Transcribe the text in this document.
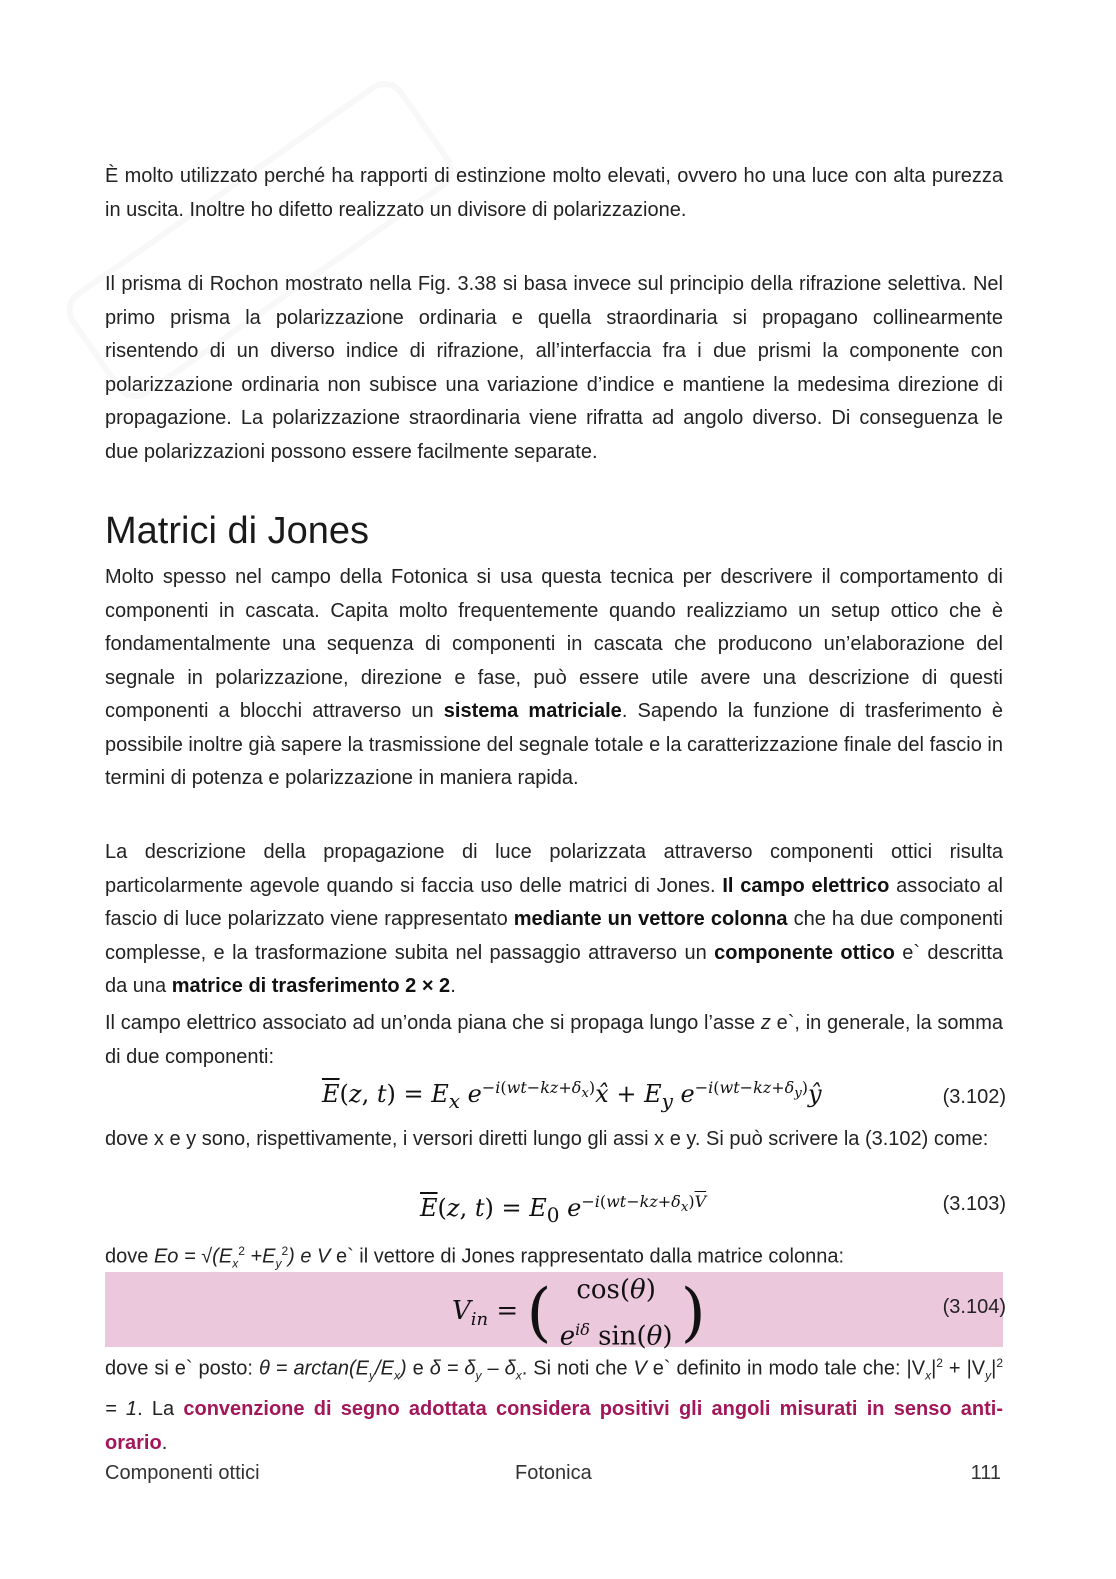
È molto utilizzato perché ha rapporti di estinzione molto elevati, ovvero ho una luce con alta purezza in uscita. Inoltre ho difetto realizzato un divisore di polarizzazione.

Il prisma di Rochon mostrato nella Fig. 3.38 si basa invece sul principio della rifrazione selettiva. Nel primo prisma la polarizzazione ordinaria e quella straordinaria si propagano collinearmente risentendo di un diverso indice di rifrazione, all’interfaccia fra i due prismi la componente con polarizzazione ordinaria non subisce una variazione d’indice e mantiene la medesima direzione di propagazione. La polarizzazione straordinaria viene rifratta ad angolo diverso. Di conseguenza le due polarizzazioni possono essere facilmente separate.

Matrici di Jones

Molto spesso nel campo della Fotonica si usa questa tecnica per descrivere il comportamento di componenti in cascata. Capita molto frequentemente quando realizziamo un setup ottico che è fondamentalmente una sequenza di componenti in cascata che producono un’elaborazione del segnale in polarizzazione, direzione e fase, può essere utile avere una descrizione di questi componenti a blocchi attraverso un sistema matriciale. Sapendo la funzione di trasferimento è possibile inoltre già sapere la trasmissione del segnale totale e la caratterizzazione finale del fascio in termini di potenza e polarizzazione in maniera rapida.

La descrizione della propagazione di luce polarizzata attraverso componenti ottici risulta particolarmente agevole quando si faccia uso delle matrici di Jones. Il campo elettrico associato al fascio di luce polarizzato viene rappresentato mediante un vettore colonna che ha due componenti complesse, e la trasformazione subita nel passaggio attraverso un componente ottico e` descritta da una matrice di trasferimento 2 × 2.

Il campo elettrico associato ad un’onda piana che si propaga lungo l’asse z e`, in generale, la somma di due componenti:

$\overline{E}(z$, $t) = E_x$ $e^{-i(wt-kz+\delta_x)}x̂ + E_y$ $e^{-i(wt-kz+\delta_y)}ŷ$	(3.102)

dove x e y sono, rispettivamente, i versori diretti lungo gli assi x e y. Si può scrivere la (3.102) come:

$\overline{E}(z$, $t) = E_0$ $e^{-i(wt-kz+\delta_x)\overline{V}}$	(3.103)

dove $Eo = √(E_x^2 +E_y^2)$ e V e` il vettore di Jones rappresentato dalla matrice colonna:

$V_{in}$ = ( cos(θ)
$e^{i\delta}$ sin(θ) )	(3.104)

dove si e` posto: $\theta = \arctan(E_y/E_x)$ e $\delta = \delta_y - \delta_x$. Si noti che V e` definito in modo tale che: $|V_x|^2 + |V_y|^2 = 1$. La convenzione di segno adottata considera positivi gli angoli misurati in senso anti-orario.

Componenti ottici	Fotonica	111
